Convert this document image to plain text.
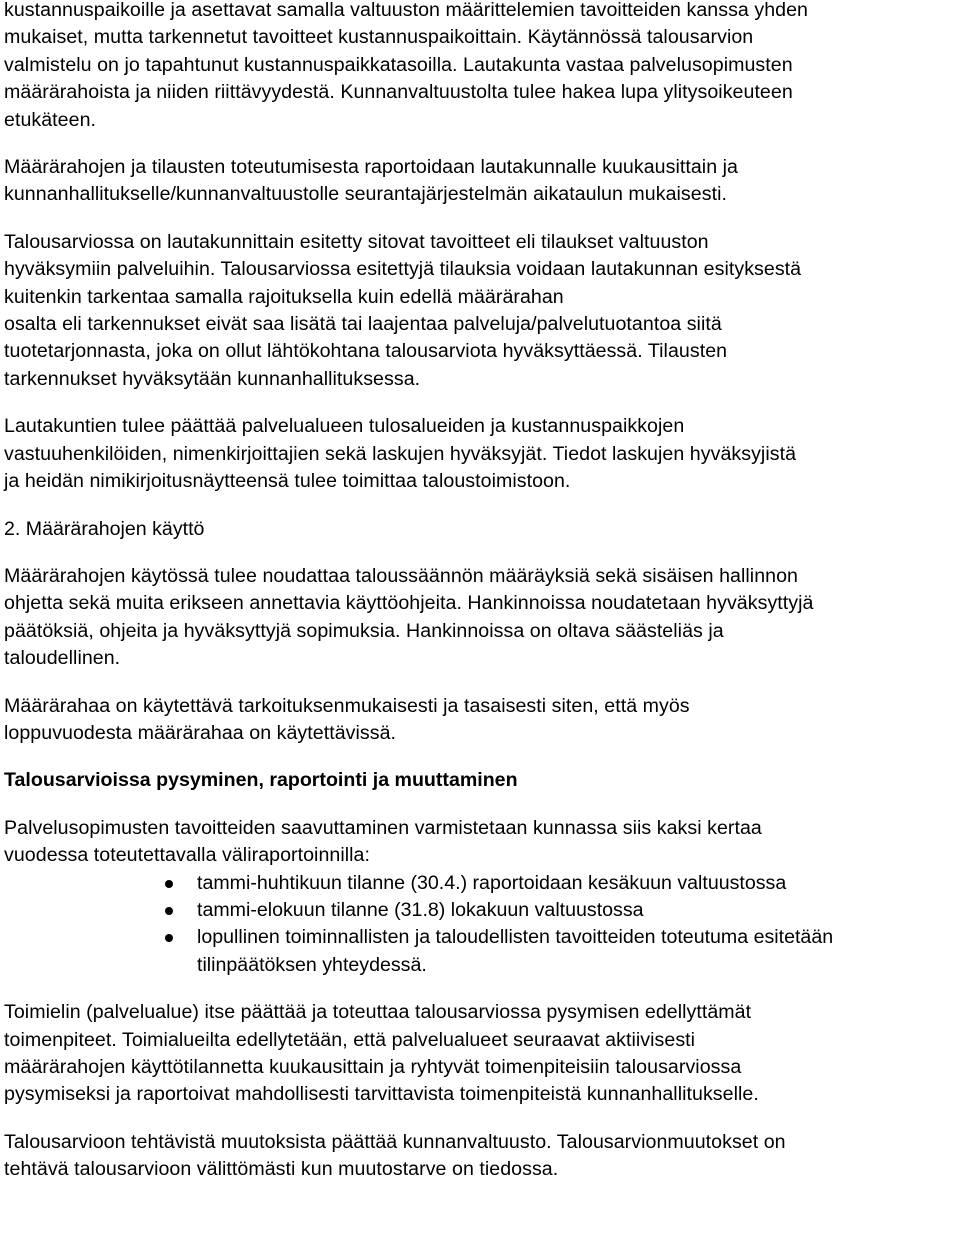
kustannuspaikoille ja asettavat samalla valtuuston määrittelemien tavoitteiden kanssa yhden
mukaiset, mutta tarkennetut tavoitteet kustannuspaikoittain. Käytännössä talousarvion
valmistelu on jo tapahtunut kustannuspaikkatasoilla. Lautakunta vastaa palvelusopimusten
määrärahoista ja niiden riittävyydestä. Kunnanvaltuustolta tulee hakea lupa ylitysoikeuteen
etukäteen.
Määrärahojen ja tilausten toteutumisesta raportoidaan lautakunnalle kuukausittain ja
kunnanhallitukselle/kunnanvaltuustolle seurantajärjestelmän aikataulun mukaisesti.
Talousarviossa on lautakunnittain esitetty sitovat tavoitteet eli tilaukset valtuuston
hyväksymiin palveluihin. Talousarviossa esitettyjä tilauksia voidaan lautakunnan esityksestä
kuitenkin tarkentaa samalla rajoituksella kuin edellä määrärahan
osalta eli tarkennukset eivät saa lisätä tai laajentaa palveluja/palvelutuotantoa siitä
tuotetarjonnasta, joka on ollut lähtökohtana talousarviota hyväksyttäessä. Tilausten
tarkennukset hyväksytään kunnanhallituksessa.
Lautakuntien tulee päättää palvelualueen tulosalueiden ja kustannuspaikkojen
vastuuhenkilöiden, nimenkirjoittajien sekä laskujen hyväksyjät. Tiedot laskujen hyväksyjistä
ja heidän nimikirjoitusnäytteensä tulee toimittaa taloustoimistoon.
2. Määrärahojen käyttö
Määrärahojen käytössä tulee noudattaa taloussäännön määräyksiä sekä sisäisen hallinnon
ohjetta sekä muita erikseen annettavia käyttöohjeita. Hankinnoissa noudatetaan hyväksyttyjä
päätöksiä, ohjeita ja hyväksyttyjä sopimuksia. Hankinnoissa on oltava säästeliäs ja
taloudellinen.
Määrärahaa on käytettävä tarkoituksenmukaisesti ja tasaisesti siten, että myös
loppuvuodesta määrärahaa on käytettävissä.
Talousarvioissa pysyminen, raportointi ja muuttaminen
Palvelusopimusten tavoitteiden saavuttaminen varmistetaan kunnassa siis kaksi kertaa
vuodessa toteutettavalla väliraportoinnilla:
tammi-huhtikuun tilanne (30.4.) raportoidaan kesäkuun valtuustossa
tammi-elokuun tilanne (31.8) lokakuun valtuustossa
lopullinen toiminnallisten ja taloudellisten tavoitteiden toteutuma esitetään
tilinpäätöksen yhteydessä.
Toimielin (palvelualue) itse päättää ja toteuttaa talousarviossa pysymisen edellyttämät
toimenpiteet. Toimialueilta edellytetään, että palvelualueet seuraavat aktiivisesti
määrärahojen käyttötilannetta kuukausittain ja ryhtyvät toimenpiteisiin talousarviossa
pysymiseksi ja raportoivat mahdollisesti tarvittavista toimenpiteistä kunnanhallitukselle.
Talousarvioon tehtävistä muutoksista päättää kunnanvaltuusto. Talousarvionmuutokset on
tehtävä talousarvioon välittömästi kun muutostarve on tiedossa.
